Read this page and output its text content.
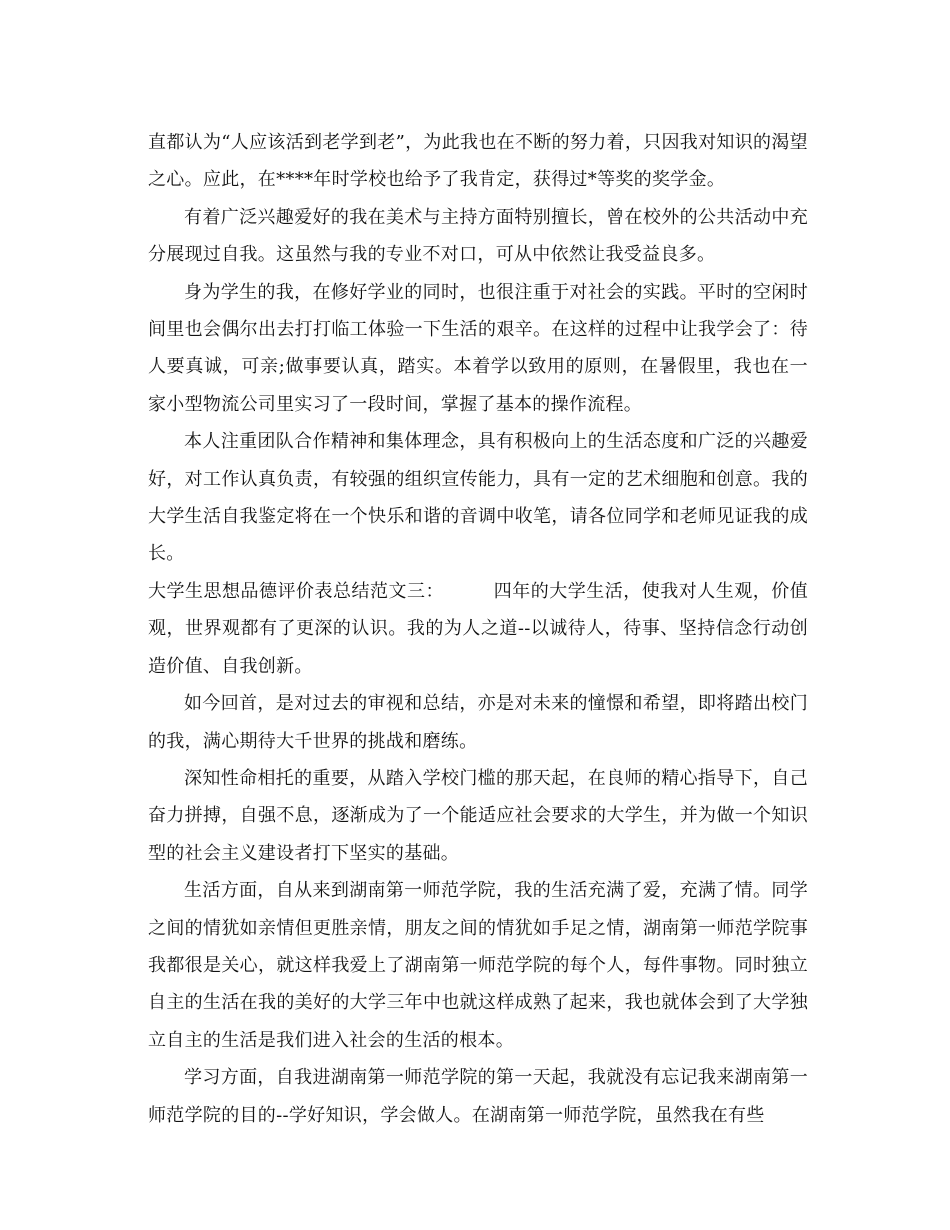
直都认为“人应该活到老学到老”，为此我也在不断的努力着，只因我对知识的渴望之心。应此，在****年时学校也给予了我肯定，获得过*等奖的奖学金。

有着广泛兴趣爱好的我在美术与主持方面特别擅长，曾在校外的公共活动中充分展现过自我。这虽然与我的专业不对口，可从中依然让我受益良多。

身为学生的我，在修好学业的同时，也很注重于对社会的实践。平时的空闲时间里也会偶尔出去打打临工体验一下生活的艰辛。在这样的过程中让我学会了：待人要真诚，可亲;做事要认真，踏实。本着学以致用的原则，在暑假里，我也在一家小型物流公司里实习了一段时间，掌握了基本的操作流程。

本人注重团队合作精神和集体理念，具有积极向上的生活态度和广泛的兴趣爱好，对工作认真负责，有较强的组织宣传能力，具有一定的艺术细胞和创意。我的大学生活自我鉴定将在一个快乐和谐的音调中收笔，请各位同学和老师见证我的成长。

大学生思想品德评价表总结范文三：        四年的大学生活，使我对人生观，价值观，世界观都有了更深的认识。我的为人之道--以诚待人，待事、坚持信念行动创造价值、自我创新。

如今回首，是对过去的审视和总结，亦是对未来的憧憬和希望，即将踏出校门的我，满心期待大千世界的挑战和磨练。

深知性命相托的重要，从踏入学校门槛的那天起，在良师的精心指导下，自己奋力拼搏，自强不息，逐渐成为了一个能适应社会要求的大学生，并为做一个知识型的社会主义建设者打下坚实的基础。

生活方面，自从来到湖南第一师范学院，我的生活充满了爱，充满了情。同学之间的情犹如亲情但更胜亲情，朋友之间的情犹如手足之情，湖南第一师范学院事我都很是关心，就这样我爱上了湖南第一师范学院的每个人，每件事物。同时独立自主的生活在我的美好的大学三年中也就这样成熟了起来，我也就体会到了大学独立自主的生活是我们进入社会的生活的根本。

学习方面，自我进湖南第一师范学院的第一天起，我就没有忘记我来湖南第一师范学院的目的--学好知识，学会做人。在湖南第一师范学院，虽然我在有些
